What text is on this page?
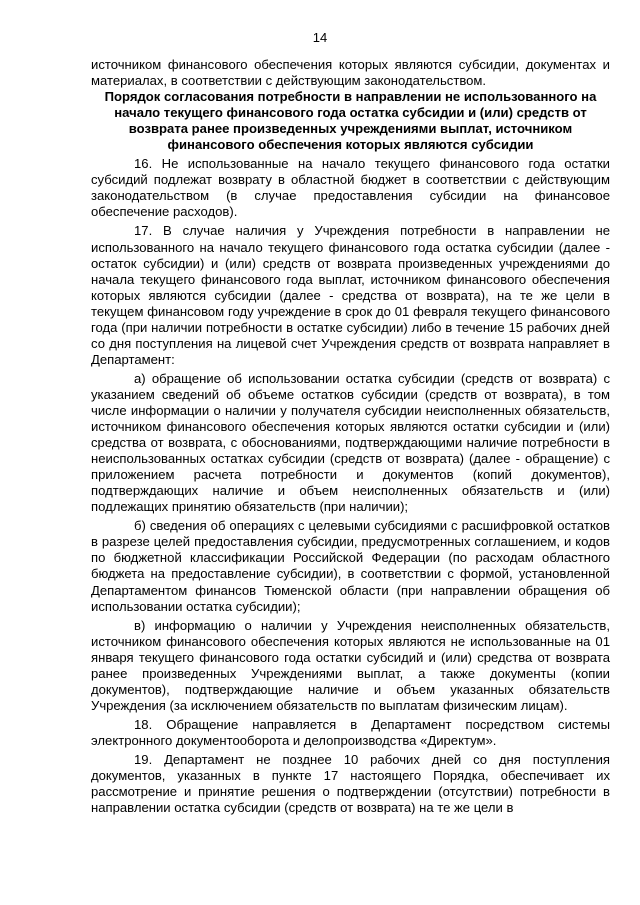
14

источником финансового обеспечения которых являются субсидии, документах и материалах, в соответствии с действующим законодательством.

Порядок согласования потребности в направлении не использованного на начало текущего финансового года остатка субсидии и (или) средств от возврата ранее произведенных учреждениями выплат, источником финансового обеспечения которых являются субсидии

16. Не использованные на начало текущего финансового года остатки субсидий подлежат возврату в областной бюджет в соответствии с действующим законодательством (в случае предоставления субсидии на финансовое обеспечение расходов).

17. В случае наличия у Учреждения потребности в направлении не использованного на начало текущего финансового года остатка субсидии (далее - остаток субсидии) и (или) средств от возврата произведенных учреждениями до начала текущего финансового года выплат, источником финансового обеспечения которых являются субсидии (далее - средства от возврата), на те же цели в текущем финансовом году учреждение в срок до 01 февраля текущего финансового года (при наличии потребности в остатке субсидии) либо в течение 15 рабочих дней со дня поступления на лицевой счет Учреждения средств от возврата направляет в Департамент:

а) обращение об использовании остатка субсидии (средств от возврата) с указанием сведений об объеме остатков субсидии (средств от возврата), в том числе информации о наличии у получателя субсидии неисполненных обязательств, источником финансового обеспечения которых являются остатки субсидии и (или) средства от возврата, с обоснованиями, подтверждающими наличие потребности в неиспользованных остатках субсидии (средств от возврата) (далее - обращение) с приложением расчета потребности и документов (копий документов), подтверждающих наличие и объем неисполненных обязательств и (или) подлежащих принятию обязательств (при наличии);

б) сведения об операциях с целевыми субсидиями с расшифровкой остатков в разрезе целей предоставления субсидии, предусмотренных соглашением, и кодов по бюджетной классификации Российской Федерации (по расходам областного бюджета на предоставление субсидии), в соответствии с формой, установленной Департаментом финансов Тюменской области (при направлении обращения об использовании остатка субсидии);

в) информацию о наличии у Учреждения неисполненных обязательств, источником финансового обеспечения которых являются не использованные на 01 января текущего финансового года остатки субсидий и (или) средства от возврата ранее произведенных Учреждениями выплат, а также документы (копии документов), подтверждающие наличие и объем указанных обязательств Учреждения (за исключением обязательств по выплатам физическим лицам).

18. Обращение направляется в Департамент посредством системы электронного документооборота и делопроизводства «Директум».

19. Департамент не позднее 10 рабочих дней со дня поступления документов, указанных в пункте 17 настоящего Порядка, обеспечивает их рассмотрение и принятие решения о подтверждении (отсутствии) потребности в направлении остатка субсидии (средств от возврата) на те же цели в
